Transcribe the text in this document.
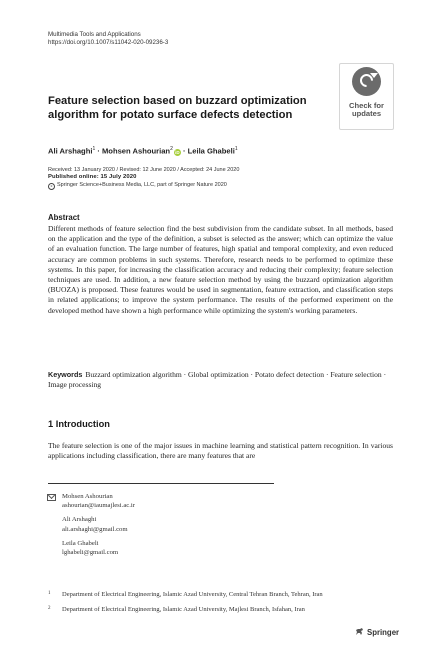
Multimedia Tools and Applications
https://doi.org/10.1007/s11042-020-09236-3
Check for
updates
Feature selection based on buzzard optimization algorithm for potato surface defects detection
Ali Arshaghi$^1$ · Mohsen Ashourian$^2$iD · Leila Ghabeli$^1$
Received: 13 January 2020 / Revised: 12 June 2020 / Accepted: 24 June 2020
Published online: 15 July 2020
c Springer Science+Business Media, LLC, part of Springer Nature 2020
Abstract
Different methods of feature selection find the best subdivision from the candidate subset. In all methods, based on the application and the type of the definition, a subset is selected as the answer; which can optimize the value of an evaluation function. The large number of features, high spatial and temporal complexity, and even reduced accuracy are common problems in such systems. Therefore, research needs to be performed to optimize these systems. In this paper, for increasing the classification accuracy and reducing their complexity; feature selection techniques are used. In addition, a new feature selection method by using the buzzard optimization algorithm (BUOZA) is proposed. These features would be used in segmentation, feature extraction, and classification steps in related applications; to improve the system performance. The results of the performed experiment on the developed method have shown a high performance while optimizing the system's working parameters.
Keywords Buzzard optimization algorithm · Global optimization · Potato defect detection · Feature selection · Image processing
1 Introduction
The feature selection is one of the major issues in machine learning and statistical pattern recognition. In various applications including classification, there are many features that are
Mohsen Ashourian
ashourian@iaumajlesi.ac.ir
Ali Arshaghi
ali.arshaghi@gmail.com
Leila Ghabeli
lghabeli@gmail.com
1 Department of Electrical Engineering, Islamic Azad University, Central Tehran Branch, Tehran, Iran
2 Department of Electrical Engineering, Islamic Azad University, Majlesi Branch, Isfahan, Iran
Springer
